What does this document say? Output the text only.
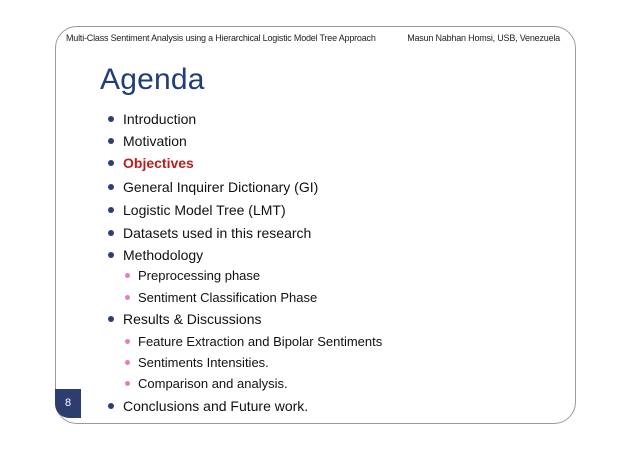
Multi-Class Sentiment Analysis using a Hierarchical Logistic Model Tree Approach	Masun Nabhan Homsi, USB, Venezuela
Agenda
Introduction
Motivation
Objectives
General Inquirer Dictionary (GI)
Logistic Model Tree (LMT)
Datasets used in this research
Methodology
Preprocessing phase
Sentiment Classification Phase
Results & Discussions
Feature Extraction and Bipolar Sentiments
Sentiments Intensities.
Comparison and analysis.
Conclusions and Future work.
8
